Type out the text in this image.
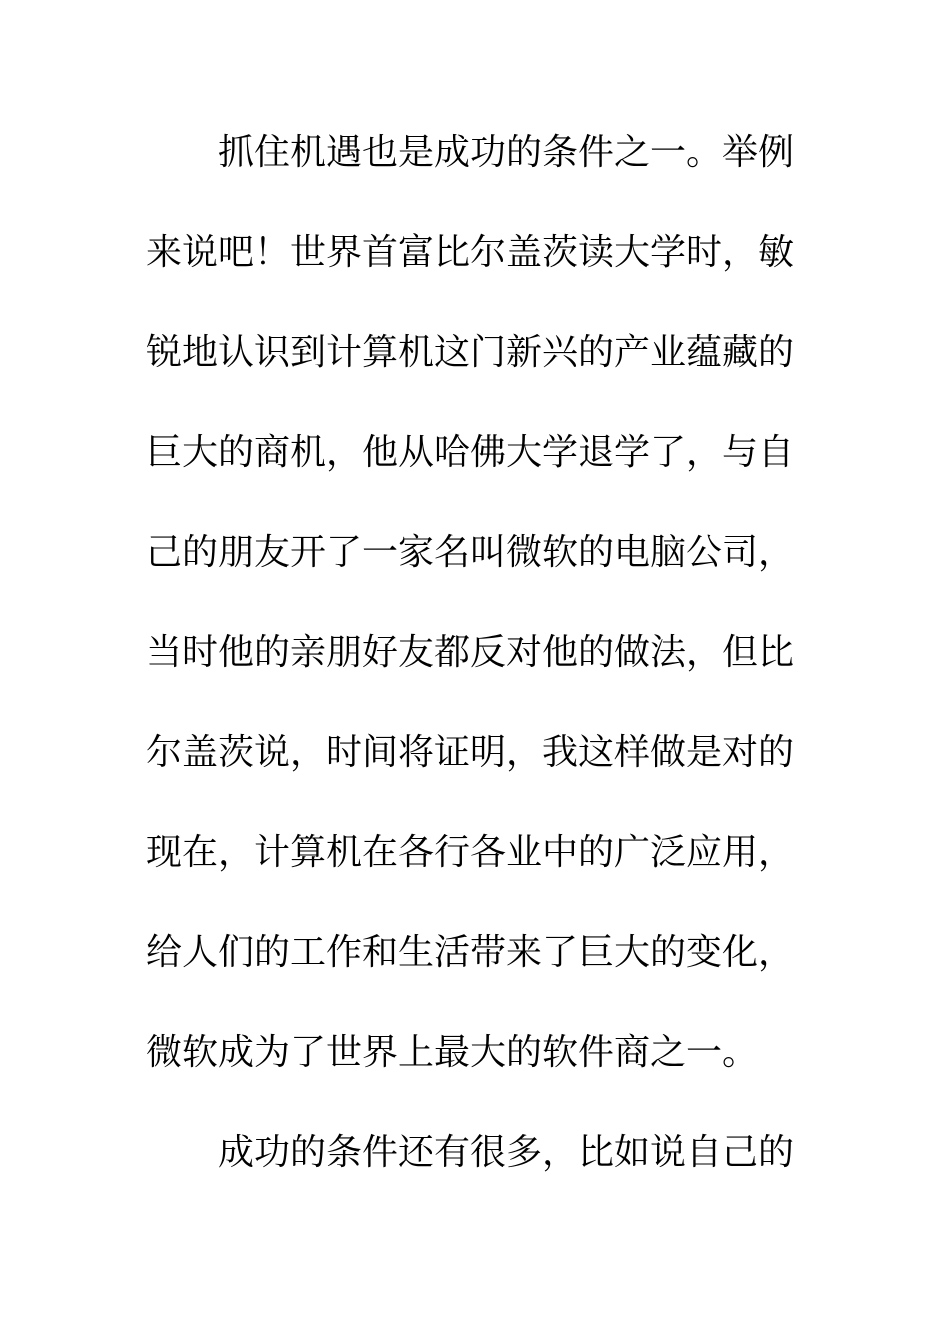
抓住机遇也是成功的条件之一。举例
来说吧！世界首富比尔盖茨读大学时，敏
锐地认识到计算机这门新兴的产业蕴藏的
巨大的商机，他从哈佛大学退学了，与自
己的朋友开了一家名叫微软的电脑公司，
当时他的亲朋好友都反对他的做法，但比
尔盖茨说，时间将证明，我这样做是对的
现在，计算机在各行各业中的广泛应用，
给人们的工作和生活带来了巨大的变化，
微软成为了世界上最大的软件商之一。
成功的条件还有很多，比如说自己的
